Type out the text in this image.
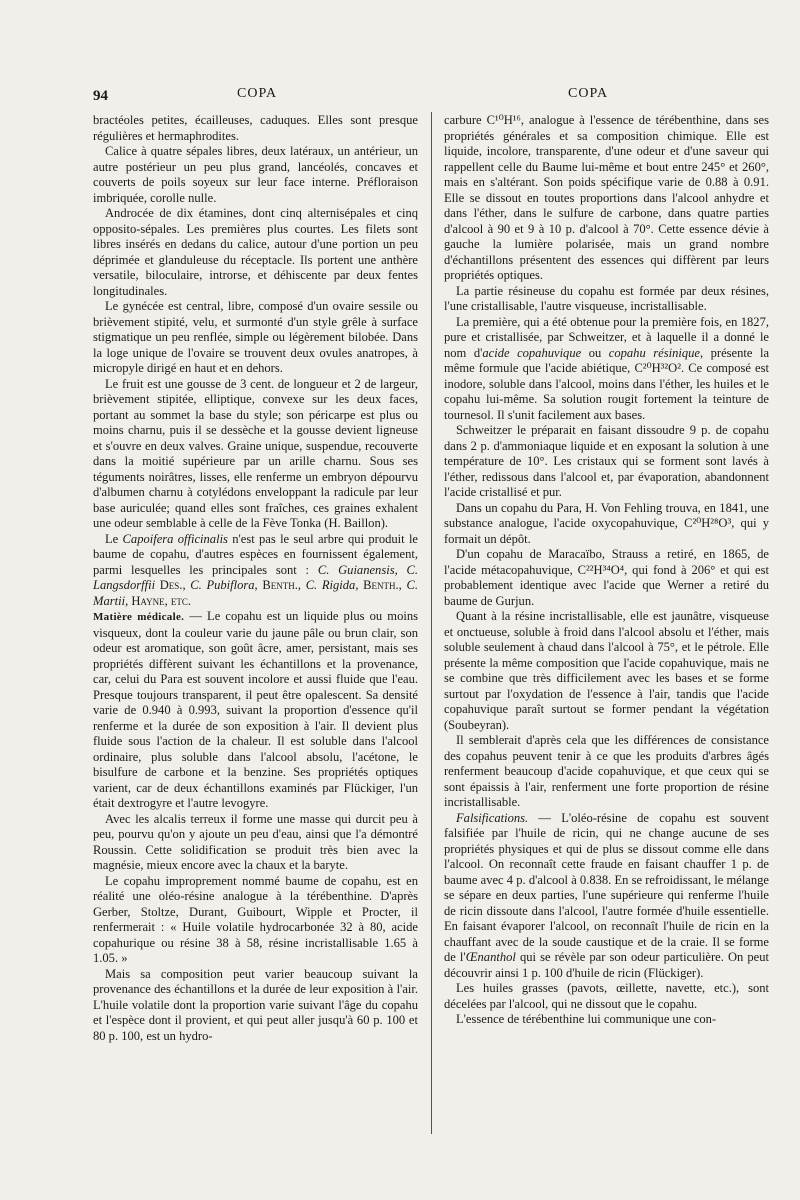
94	COPA	COPA

bractéoles petites, écailleuses, caduques. Elles sont presque régulières et hermaphrodites.

Calice à quatre sépales libres, deux latéraux, un antérieur, un autre postérieur un peu plus grand, lancéolés, concaves et couverts de poils soyeux sur leur face interne. Préfloraison imbriquée, corolle nulle.

Androcée de dix étamines, dont cinq alternisépales et cinq opposito-sépales. Les premières plus courtes. Les filets sont libres insérés en dedans du calice, autour d'une portion un peu déprimée et glanduleuse du réceptacle. Ils portent une anthère versatile, biloculaire, introrse, et déhiscente par deux fentes longitudinales.

Le gynécée est central, libre, composé d'un ovaire sessile ou brièvement stipité, velu, et surmonté d'un style grêle à surface stigmatique un peu renflée, simple ou légèrement bilobée. Dans la loge unique de l'ovaire se trouvent deux ovules anatropes, à micropyle dirigé en haut et en dehors.

Le fruit est une gousse de 3 cent. de longueur et 2 de largeur, brièvement stipitée, elliptique, convexe sur les deux faces, portant au sommet la base du style; son péricarpe est plus ou moins charnu, puis il se dessèche et la gousse devient ligneuse et s'ouvre en deux valves. Graine unique, suspendue, recouverte dans la moitié supérieure par un arille charnu. Sous ses téguments noirâtres, lisses, elle renferme un embryon dépourvu d'albumen charnu à cotylédons enveloppant la radicule par leur base auriculée; quand elles sont fraîches, ces graines exhalent une odeur semblable à celle de la Fève Tonka (H. Baillon).

Le Capoifera officinalis n'est pas le seul arbre qui produit le baume de copahu, d'autres espèces en fournissent également, parmi lesquelles les principales sont : C. Guianensis, C. Langsdorffii Des., C. Pubiflora, Benth., C. Rigida, Benth., C. Martii, Hayne, etc.

Matière médicale. — Le copahu est un liquide plus ou moins visqueux, dont la couleur varie du jaune pâle ou brun clair, son odeur est aromatique, son goût âcre, amer, persistant, mais ses propriétés diffèrent suivant les échantillons et la provenance, car, celui du Para est souvent incolore et aussi fluide que l'eau. Presque toujours transparent, il peut être opalescent. Sa densité varie de 0.940 à 0.993, suivant la proportion d'essence qu'il renferme et la durée de son exposition à l'air. Il devient plus fluide sous l'action de la chaleur. Il est soluble dans l'alcool ordinaire, plus soluble dans l'alcool absolu, l'acétone, le bisulfure de carbone et la benzine. Ses propriétés optiques varient, car de deux échantillons examinés par Flückiger, l'un était dextrogyre et l'autre levogyre.

Avec les alcalis terreux il forme une masse qui durcit peu à peu, pourvu qu'on y ajoute un peu d'eau, ainsi que l'a démontré Roussin. Cette solidification se produit très bien avec la magnésie, mieux encore avec la chaux et la baryte.

Le copahu improprement nommé baume de copahu, est en réalité une oléo-résine analogue à la térébenthine. D'après Gerber, Stoltze, Durant, Guibourt, Wipple et Procter, il renfermerait : « Huile volatile hydrocarbonée 32 à 80, acide copahurique ou résine 38 à 58, résine incristallisable 1.65 à 1.05. »

Mais sa composition peut varier beaucoup suivant la provenance des échantillons et la durée de leur exposition à l'air. L'huile volatile dont la proportion varie suivant l'âge du copahu et l'espèce dont il provient, et qui peut aller jusqu'à 60 p. 100 et 80 p. 100, est un hydro-

carbure C¹⁰H¹⁶, analogue à l'essence de térébenthine, dans ses propriétés générales et sa composition chimique. Elle est liquide, incolore, transparente, d'une odeur et d'une saveur qui rappellent celle du Baume lui-même et bout entre 245° et 260°, mais en s'altérant. Son poids spécifique varie de 0.88 à 0.91. Elle se dissout en toutes proportions dans l'alcool anhydre et dans l'éther, dans le sulfure de carbone, dans quatre parties d'alcool à 90 et 9 à 10 p. d'alcool à 70°. Cette essence dévie à gauche la lumière polarisée, mais un grand nombre d'échantillons présentent des essences qui diffèrent par leurs propriétés optiques.

La partie résineuse du copahu est formée par deux résines, l'une cristallisable, l'autre visqueuse, incristallisable.

La première, qui a été obtenue pour la première fois, en 1827, pure et cristallisée, par Schweitzer, et à laquelle il a donné le nom d'acide copahuvique ou copahu résinique, présente la même formule que l'acide abiétique, C²⁰H³²O². Ce composé est inodore, soluble dans l'alcool, moins dans l'éther, les huiles et le copahu lui-même. Sa solution rougit fortement la teinture de tournesol. Il s'unit facilement aux bases.

Schweitzer le préparait en faisant dissoudre 9 p. de copahu dans 2 p. d'ammoniaque liquide et en exposant la solution à une température de 10°. Les cristaux qui se forment sont lavés à l'éther, redissous dans l'alcool et, par évaporation, abandonnent l'acide cristallisé et pur.

Dans un copahu du Para, H. Von Fehling trouva, en 1841, une substance analogue, l'acide oxycopahuvique, C²⁰H²⁸O³, qui y formait un dépôt.

D'un copahu de Maracaïbo, Strauss a retiré, en 1865, de l'acide métacopahuvique, C²²H³⁴O⁴, qui fond à 206° et qui est probablement identique avec l'acide que Werner a retiré du baume de Gurjun.

Quant à la résine incristallisable, elle est jaunâtre, visqueuse et onctueuse, soluble à froid dans l'alcool absolu et l'éther, mais soluble seulement à chaud dans l'alcool à 75°, et le pétrole. Elle présente la même composition que l'acide copahuvique, mais ne se combine que très difficilement avec les bases et se forme surtout par l'oxydation de l'essence à l'air, tandis que l'acide copahuvique paraît surtout se former pendant la végétation (Soubeyran).

Il semblerait d'après cela que les différences de consistance des copahus peuvent tenir à ce que les produits d'arbres âgés renferment beaucoup d'acide copahuvique, et que ceux qui se sont épaissis à l'air, renferment une forte proportion de résine incristallisable.

Falsifications. — L'oléo-résine de copahu est souvent falsifiée par l'huile de ricin, qui ne change aucune de ses propriétés physiques et qui de plus se dissout comme elle dans l'alcool. On reconnaît cette fraude en faisant chauffer 1 p. de baume avec 4 p. d'alcool à 0.838. En se refroidissant, le mélange se sépare en deux parties, l'une supérieure qui renferme l'huile de ricin dissoute dans l'alcool, l'autre formée d'huile essentielle. En faisant évaporer l'alcool, on reconnaît l'huile de ricin en la chauffant avec de la soude caustique et de la craie. Il se forme de l'Œnanthol qui se révèle par son odeur particulière. On peut découvrir ainsi 1 p. 100 d'huile de ricin (Flückiger).

Les huiles grasses (pavots, œillette, navette, etc.), sont décelées par l'alcool, qui ne dissout que le copahu.

L'essence de térébenthine lui communique une con-
